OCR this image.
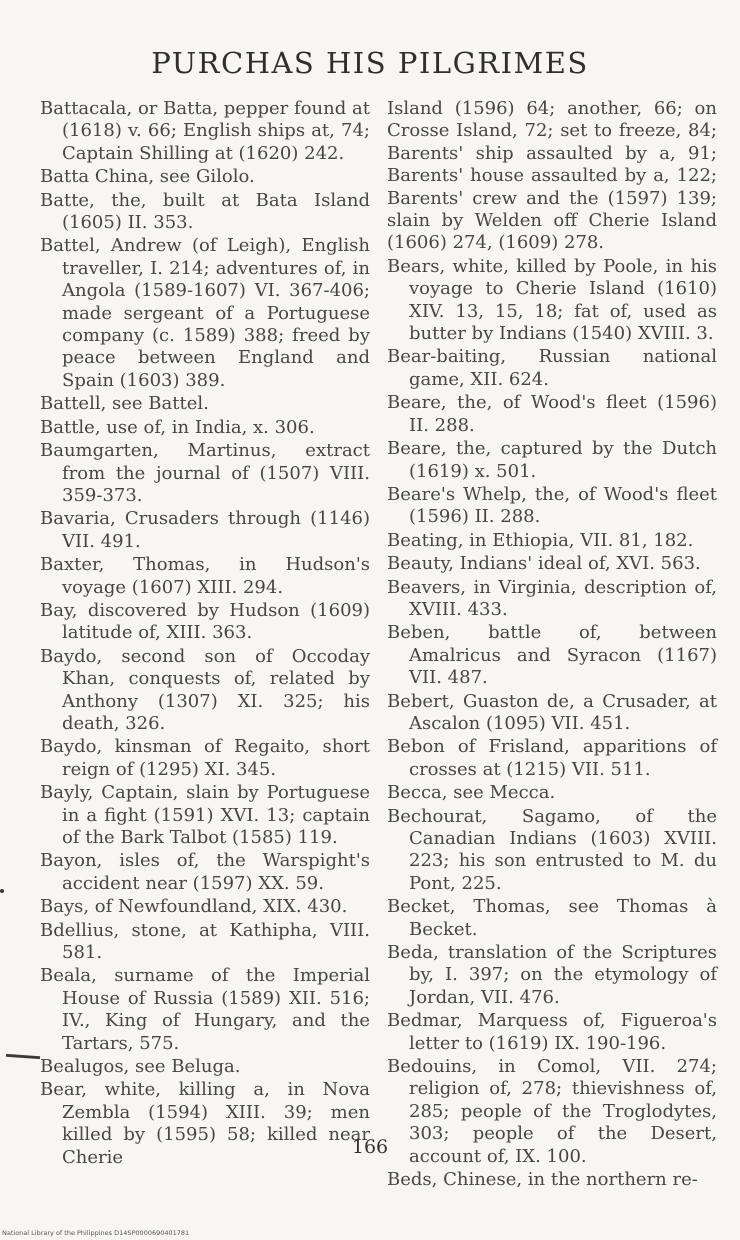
PURCHAS HIS PILGRIMES

Battacala, or Batta, pepper found at (1618) v. 66; English ships at, 74; Captain Shilling at (1620) 242.

Batta China, see Gilolo.

Batte, the, built at Bata Island (1605) II. 353.

Battel, Andrew (of Leigh), English traveller, I. 214; adventures of, in Angola (1589-1607) VI. 367-406; made sergeant of a Portuguese company (c. 1589) 388; freed by peace between England and Spain (1603) 389.

Battell, see Battel.

Battle, use of, in India, x. 306.

Baumgarten, Martinus, extract from the journal of (1507) VIII. 359-373.

Bavaria, Crusaders through (1146) VII. 491.

Baxter, Thomas, in Hudson's voyage (1607) XIII. 294.

Bay, discovered by Hudson (1609) latitude of, XIII. 363.

Baydo, second son of Occoday Khan, conquests of, related by Anthony (1307) XI. 325; his death, 326.

Baydo, kinsman of Regaito, short reign of (1295) XI. 345.

Bayly, Captain, slain by Portuguese in a fight (1591) XVI. 13; captain of the Bark Talbot (1585) 119.

Bayon, isles of, the Warspight's accident near (1597) XX. 59.

Bays, of Newfoundland, XIX. 430.

Bdellius, stone, at Kathipha, VIII. 581.

Beala, surname of the Imperial House of Russia (1589) XII. 516; IV., King of Hungary, and the Tartars, 575.

Bealugos, see Beluga.

Bear, white, killing a, in Nova Zembla (1594) XIII. 39; men killed by (1595) 58; killed near Cherie

Island (1596) 64; another, 66; on Crosse Island, 72; set to freeze, 84; Barents' ship assaulted by a, 91; Barents' house assaulted by a, 122; Barents' crew and the (1597) 139; slain by Welden off Cherie Island (1606) 274, (1609) 278.

Bears, white, killed by Poole, in his voyage to Cherie Island (1610) XIV. 13, 15, 18; fat of, used as butter by Indians (1540) XVIII. 3.

Bear-baiting, Russian national game, XII. 624.

Beare, the, of Wood's fleet (1596) II. 288.

Beare, the, captured by the Dutch (1619) x. 501.

Beare's Whelp, the, of Wood's fleet (1596) II. 288.

Beating, in Ethiopia, VII. 81, 182.

Beauty, Indians' ideal of, XVI. 563.

Beavers, in Virginia, description of, XVIII. 433.

Beben, battle of, between Amalricus and Syracon (1167) VII. 487.

Bebert, Guaston de, a Crusader, at Ascalon (1095) VII. 451.

Bebon of Frisland, apparitions of crosses at (1215) VII. 511.

Becca, see Mecca.

Bechourat, Sagamo, of the Canadian Indians (1603) XVIII. 223; his son entrusted to M. du Pont, 225.

Becket, Thomas, see Thomas à Becket.

Beda, translation of the Scriptures by, I. 397; on the etymology of Jordan, VII. 476.

Bedmar, Marquess of, Figueroa's letter to (1619) IX. 190-196.

Bedouins, in Comol, VII. 274; religion of, 278; thievishness of, 285; people of the Troglodytes, 303; people of the Desert, account of, IX. 100.

Beds, Chinese, in the northern re-

166
National Library of the Philippines D14SP0000690401781
